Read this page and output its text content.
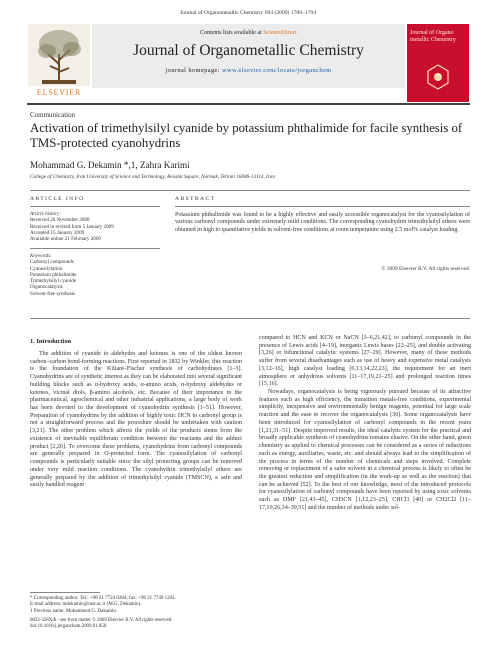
Journal of Organometallic Chemistry 694 (2009) 1789–1794
Contents lists available at ScienceDirect
Journal of Organometallic Chemistry
journal homepage: www.elsevier.com/locate/jorganchem
ELSEVIER
Journal of Organo metallic Chemistry
Communication
Activation of trimethylsilyl cyanide by potassium phthalimide for facile synthesis of TMS-protected cyanohydrins
Mohammad G. Dekamin *,1, Zahra Karimi
College of Chemistry, Iran University of Science and Technology, Resalat Square, Narmak, Tehran 16846-13114, Iran
ARTICLE INFO	ABSTRACT
Article history:
Received 26 November 2008
Received in revised form 5 January 2009
Accepted 15 January 2009
Available online 21 February 2009
Keywords:
Carbonyl compounds
Cyanosilylation
Potassium phthalimide
Trimethylsilyl cyanide
Organocatalysis
Solvent-free synthesis
Potassium phthalimide was found to be a highly effective and easily accessible organocatalyst for the cyanosilylation of various carbonyl compounds under extremely mild conditions. The corresponding cyanohydrin trimethylsilyl ethers were obtained in high to quantitative yields in solvent-free conditions at room temperature using 2.5 mol% catalyst loading.
© 2009 Elsevier B.V. All rights reserved.
1. Introduction

The addition of cyanide to aldehydes and ketones is one of the oldest known carbon–carbon bond-forming reactions. First reported in 1832 by Winkler, this reaction is the foundation of the Kiliani–Fischer synthesis of carbohydrates [1–3]. Cyanohydrins are of synthetic interest as they can be elaborated into several significant building blocks such as α-hydroxy acids, α-amino acids, α-hydroxy aldehydes or ketones, vicinal diols, β-amino alcohols, etc. Because of their importance in the pharmaceutical, agrochemical and other industrial applications, a large body of work has been devoted to the development of cyanohydrin synthesis [1–51]. However, Preparation of cyanohydrins by the addition of highly toxic HCN to carbonyl group is not a straightforward process and the procedure should be undertaken with caution [3,21]. The other problem which affects the yields of the products stems from the existence of inevitable equilibrium condition between the reactants and the adduct product [2,20]. To overcome these problems, cyanohydrins from carbonyl compounds are generally prepared in O-protected form. The cyanosilylation of carbonyl compounds is particularly suitable since the silyl protecting groups can be removed under very mild reaction conditions. The cyanohydrin trimethylsilyl ethers are generally prepared by the addition of trimethylsilyl cyanide (TMSCN), a safe and easily handled reagent

compared to HCN and KCN or NaCN [3–6,21,42], to carbonyl compounds in the presence of Lewis acids [4–19], inorganic Lewis bases [22–25], and double activating [3,26] or bifunctional catalytic systems [27–29]. However, many of these methods suffer from several disadvantages such as use of heavy and expensive metal catalysts [3,12–16], high catalyst loading [6,13,14,22,23], the requirement for an inert atmosphere or anhydrous solvents [11–17,19,21–25] and prolonged reaction times [15,16].

Nowadays, organocatalysis is being vigorously pursued because of its attractive features such as high efficiency, the transition metals-free conditions, experimental simplicity, inexpensive and environmentally benign reagents, potential for large scale reaction and the ease to recover the organocatalysts [30]. Some organocatalysts have been introduced for cyanosilylation of carbonyl compounds in the recent years [1,21,31–51]. Despite improved results, the ideal catalytic system for the practical and broadly applicable synthesis of cyanohydrins remains elusive. On the other hand, green chemistry as applied to chemical processes can be considered as a series of reductions such as energy, auxiliaries, waste, etc. and should always lead to the simplification of the process in terms of the number of chemicals and steps involved. Complete removing or replacement of a safer solvent in a chemical process is likely to often be the greatest reduction and simplification (in the work-up as well as the reaction) that can be achieved [52]. To the best of our knowledge, most of the introduced protocols for cyanosilylation of carbonyl compounds have been reported by using toxic solvents such as DMF [21,43–45], CH3CN [1,12,23–25], CHCl3 [40] or CH2Cl2 [11–17,19,26,34–39,51] and the number of methods under sol-

* Corresponding author. Tel.: +98 21 7724 0284; fax: +98 21 7749 1204.
E-mail address: mdekamin@iust.ac.ir (M.G. Dekamin).
1 Previous name: Mohammed G. Dakamin.
0022-328X/$ - see front matter © 2009 Elsevier B.V. All rights reserved.
doi:10.1016/j.jorganchem.2009.01.058
